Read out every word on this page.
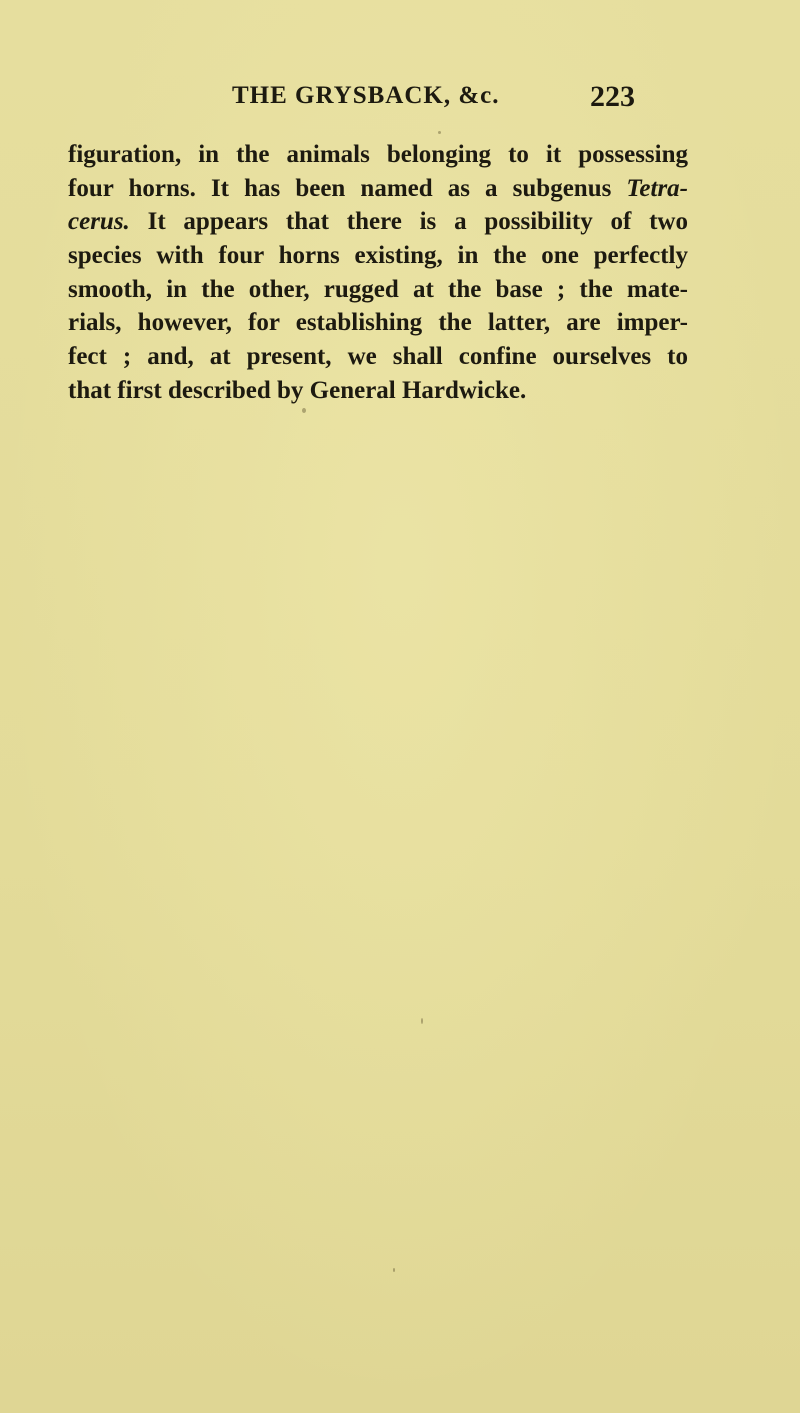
THE GRYSBACK, &c.	223
figuration, in the animals belonging to it possessing
four horns. It has been named as a subgenus Tetra-
cerus. It appears that there is a possibility of two
species with four horns existing, in the one perfectly
smooth, in the other, rugged at the base ; the mate-
rials, however, for establishing the latter, are imper-
fect ; and, at present, we shall confine ourselves to
that first described by General Hardwicke.
